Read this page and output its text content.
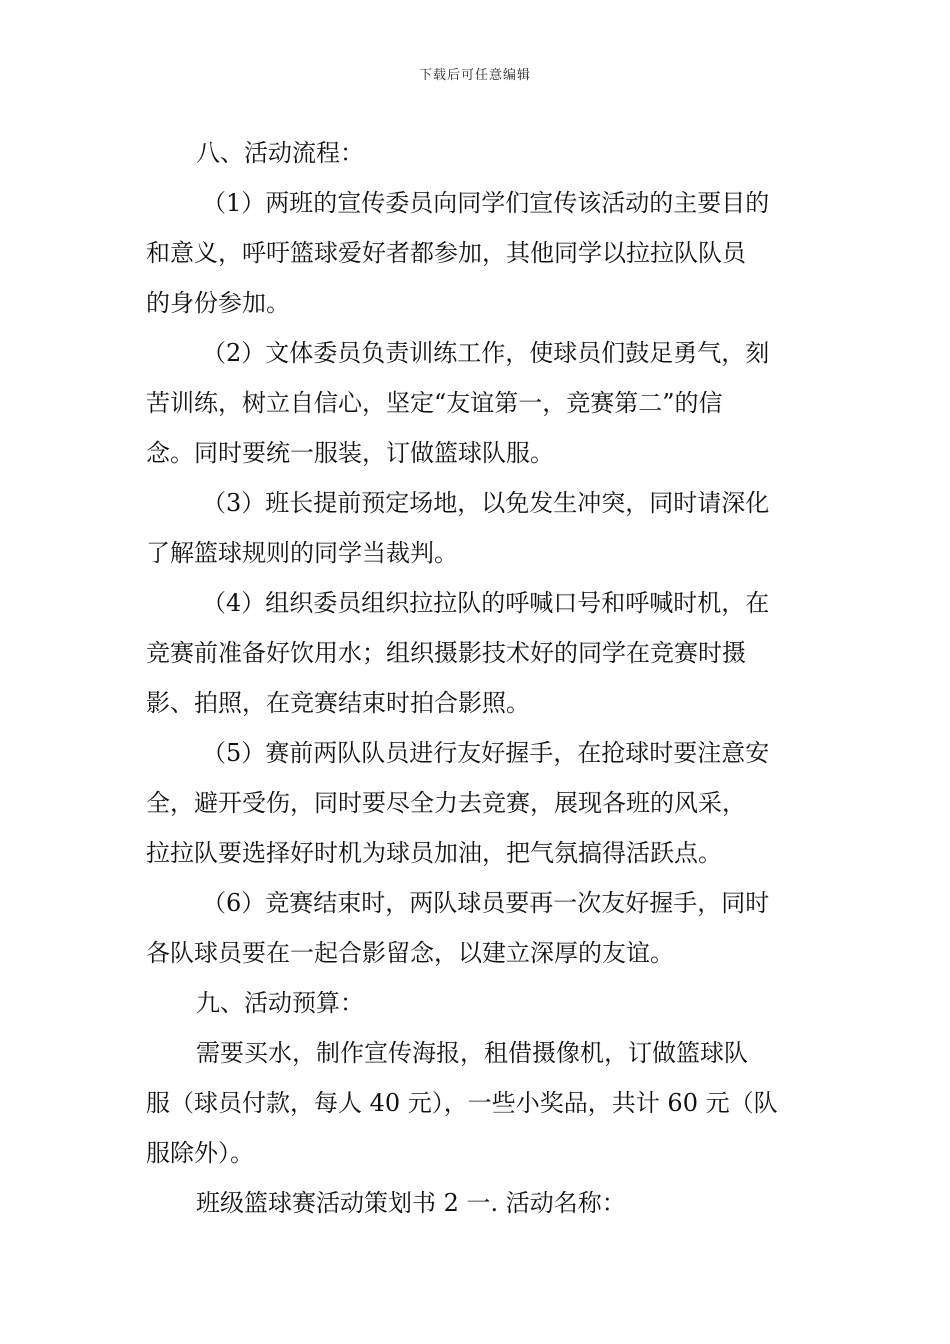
下载后可任意编辑
八、活动流程：
（1）两班的宣传委员向同学们宣传该活动的主要目的
和意义，呼吁篮球爱好者都参加，其他同学以拉拉队队员
的身份参加。
（2）文体委员负责训练工作，使球员们鼓足勇气，刻
苦训练，树立自信心，坚定“友谊第一，竞赛第二”的信
念。同时要统一服装，订做篮球队服。
（3）班长提前预定场地，以免发生冲突，同时请深化
了解篮球规则的同学当裁判。
（4）组织委员组织拉拉队的呼喊口号和呼喊时机，在
竞赛前准备好饮用水；组织摄影技术好的同学在竞赛时摄
影、拍照，在竞赛结束时拍合影照。
（5）赛前两队队员进行友好握手，在抢球时要注意安
全，避开受伤，同时要尽全力去竞赛，展现各班的风采，
拉拉队要选择好时机为球员加油，把气氛搞得活跃点。
（6）竞赛结束时，两队球员要再一次友好握手，同时
各队球员要在一起合影留念，以建立深厚的友谊。
九、活动预算：
需要买水，制作宣传海报，租借摄像机，订做篮球队
服（球员付款，每人 40 元），一些小奖品，共计 60 元（队
服除外）。
班级篮球赛活动策划书 2 一. 活动名称：
